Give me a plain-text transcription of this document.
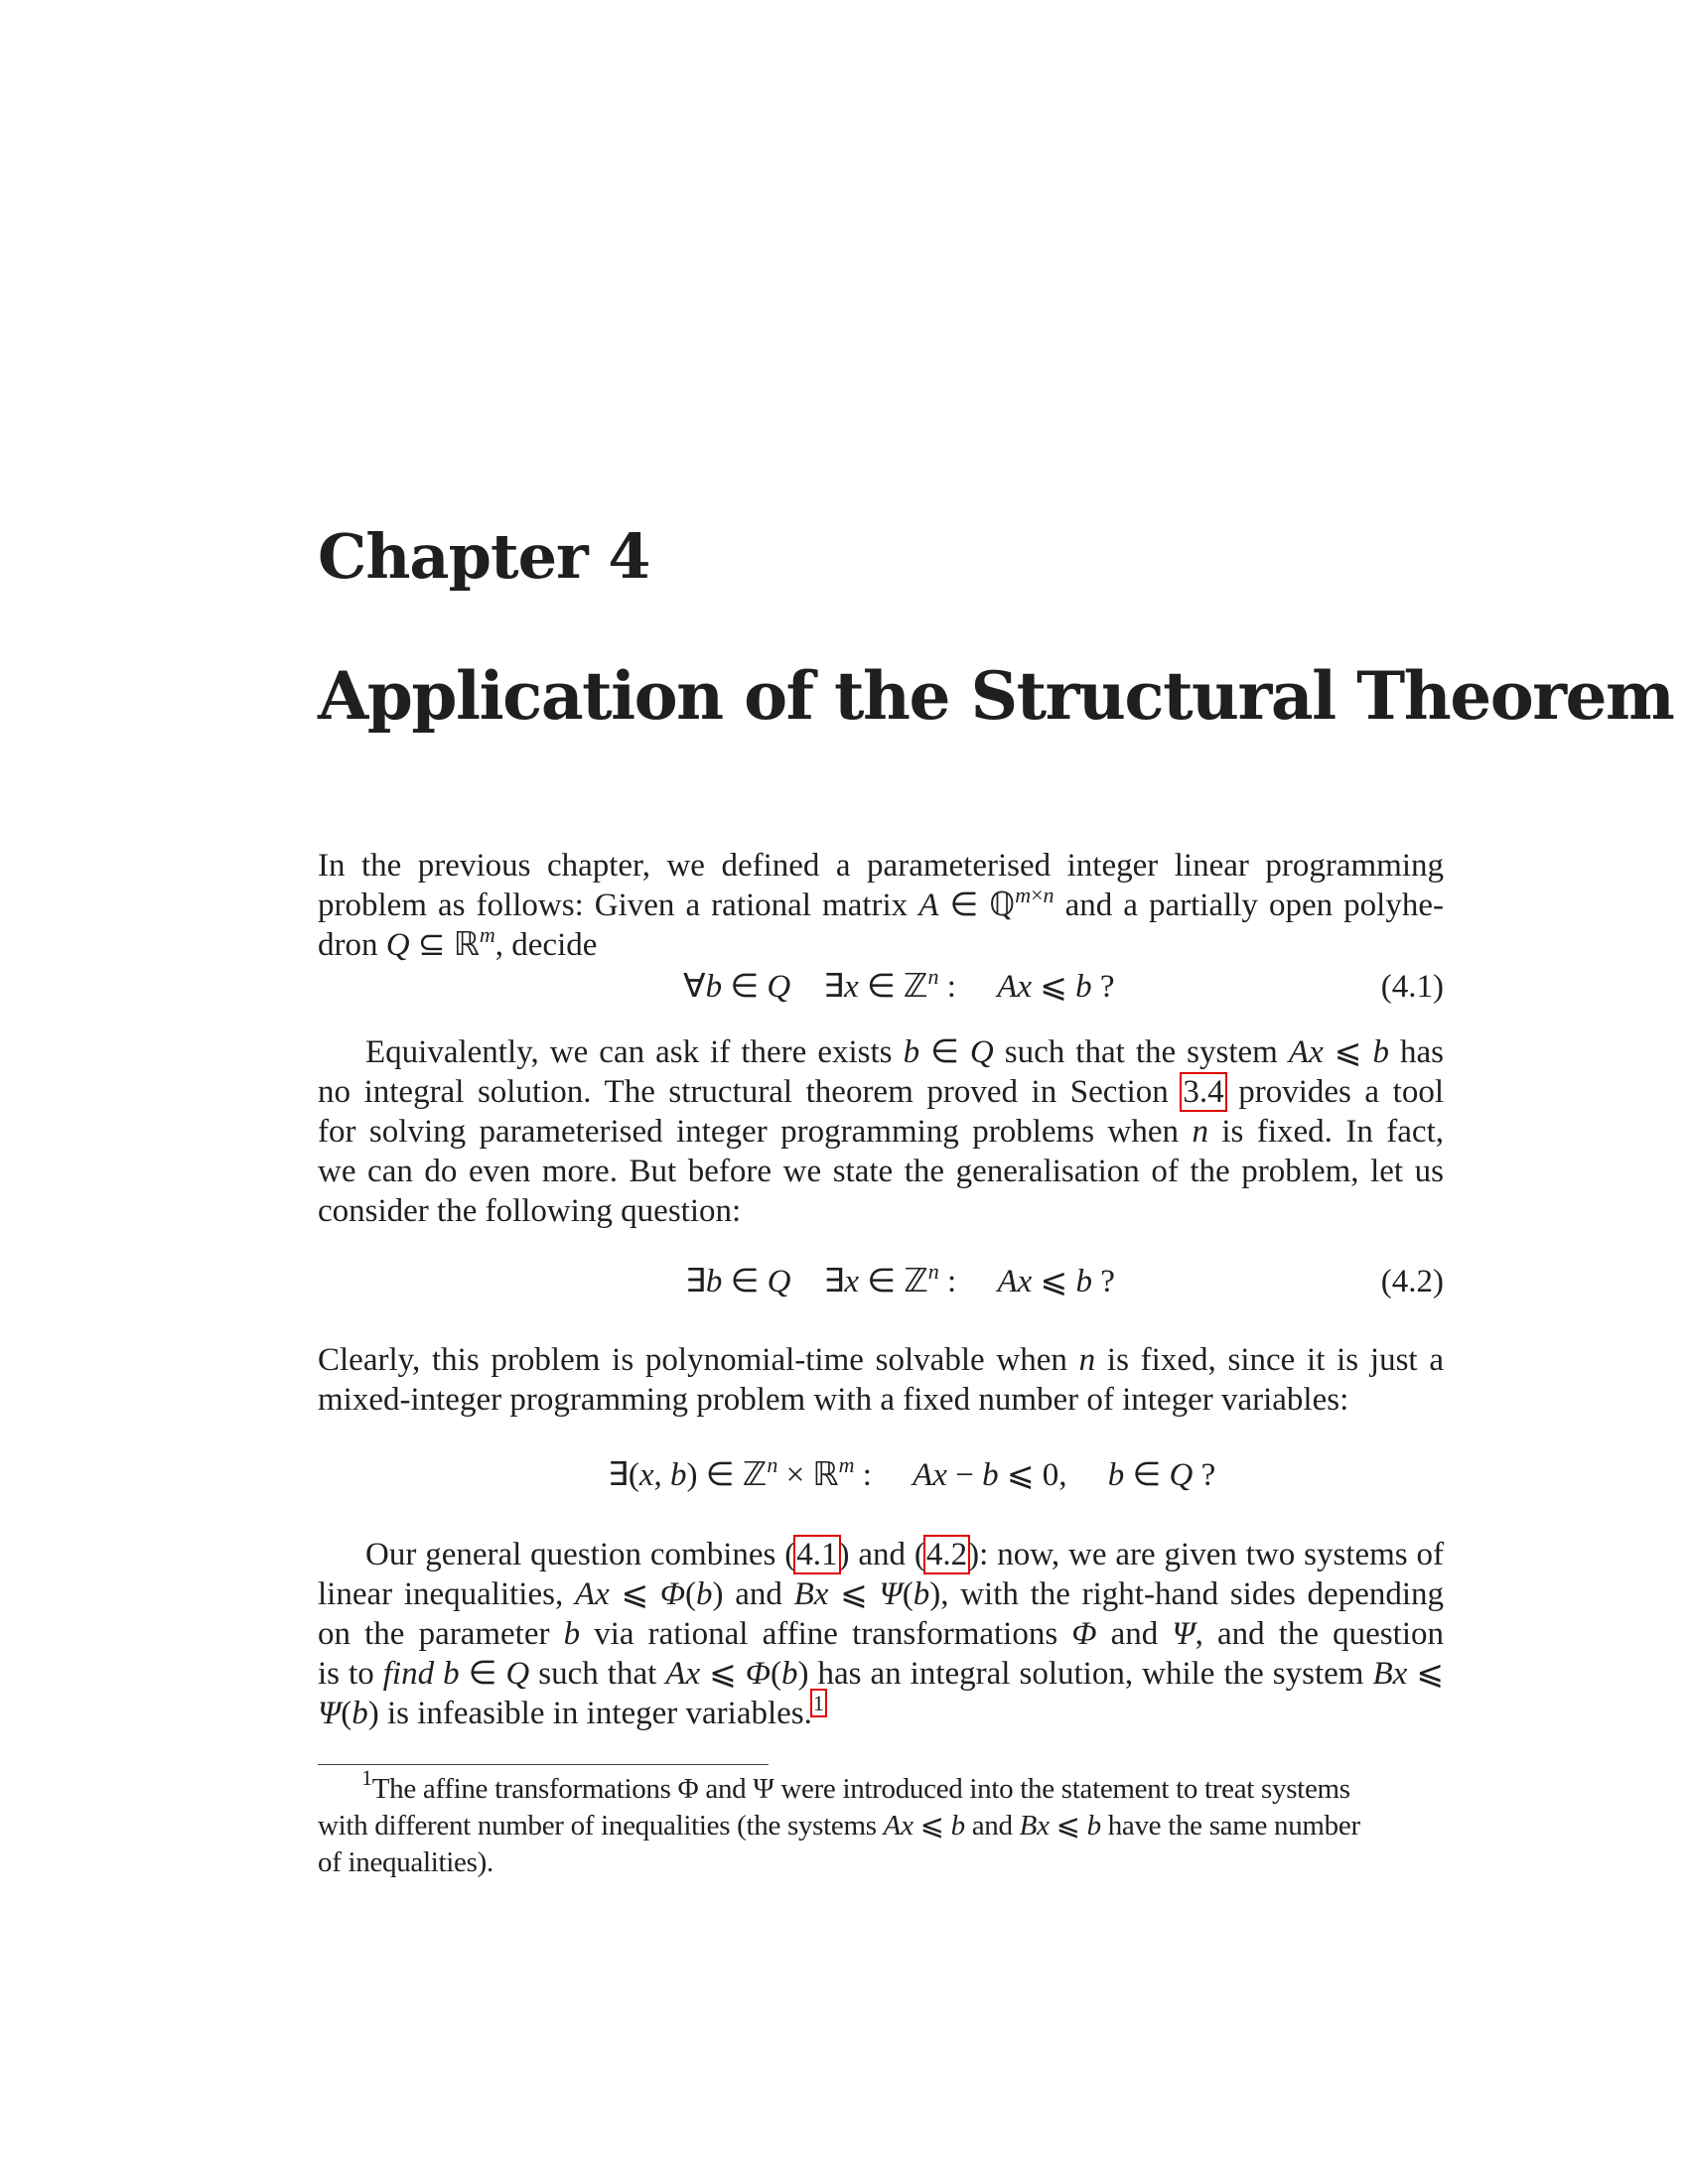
Chapter 4
Application of the Structural Theorem
In the previous chapter, we defined a parameterised integer linear programming
problem as follows: Given a rational matrix A ∈ ℚ$^{m\times n}$ and a partially open polyhe-
dron Q ⊆ ℝ$^m$, decide
∀b ∈ Q    ∃x ∈ ℤ$^n$ :     Ax ⩽ b ?	(4.1)
Equivalently, we can ask if there exists b ∈ Q such that the system Ax ⩽ b has
no integral solution. The structural theorem proved in Section 3.4 provides a tool
for solving parameterised integer programming problems when n is fixed. In fact,
we can do even more. But before we state the generalisation of the problem, let us
consider the following question:
∃b ∈ Q    ∃x ∈ ℤ$^n$ :     Ax ⩽ b ?	(4.2)
Clearly, this problem is polynomial-time solvable when n is fixed, since it is just a
mixed-integer programming problem with a fixed number of integer variables:
∃(x, b) ∈ ℤ$^n$ × ℝ$^m$ :     Ax − b ⩽ 0,     b ∈ Q ?
Our general question combines (4.1) and (4.2): now, we are given two systems of
linear inequalities, Ax ⩽ Φ(b) and Bx ⩽ Ψ(b), with the right-hand sides depending
on the parameter b via rational affine transformations Φ and Ψ, and the question
is to find b ∈ Q such that Ax ⩽ Φ(b) has an integral solution, while the system Bx ⩽
Ψ(b) is infeasible in integer variables.$^1$
$^1$The affine transformations Φ and Ψ were introduced into the statement to treat systems
with different number of inequalities (the systems Ax ⩽ b and Bx ⩽ b have the same number
of inequalities).
